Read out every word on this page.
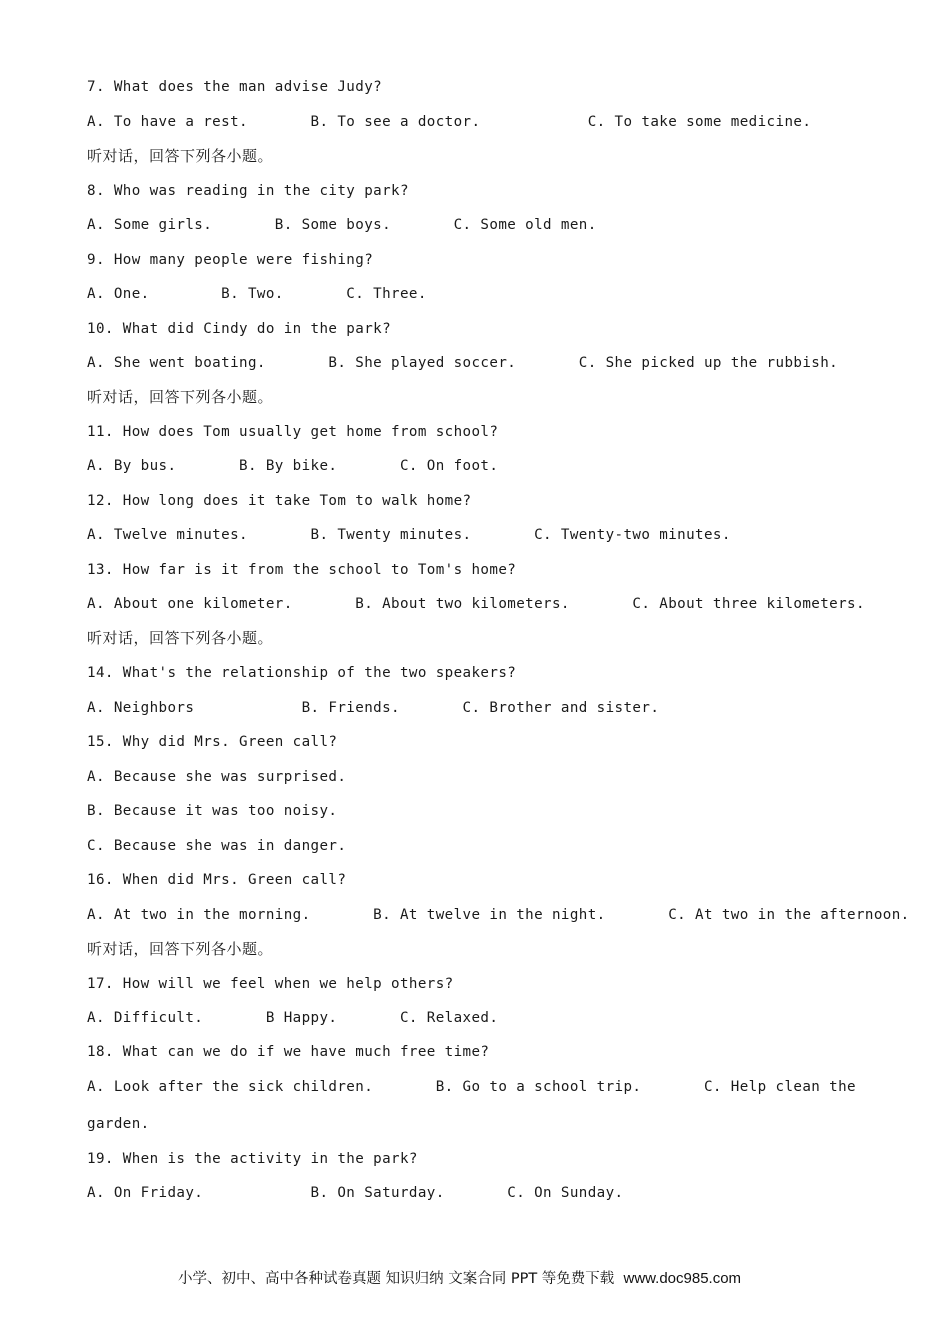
7. What does the man advise Judy?
A. To have a rest.       B. To see a doctor.            C. To take some medicine.
听对话，回答下列各小题。
8. Who was reading in the city park?
A. Some girls.       B. Some boys.       C. Some old men.
9. How many people were fishing?
A. One.        B. Two.       C. Three.
10. What did Cindy do in the park?
A. She went boating.       B. She played soccer.       C. She picked up the rubbish.
听对话，回答下列各小题。
11. How does Tom usually get home from school?
A. By bus.       B. By bike.       C. On foot.
12. How long does it take Tom to walk home?
A. Twelve minutes.       B. Twenty minutes.       C. Twenty-two minutes.
13. How far is it from the school to Tom's home?
A. About one kilometer.       B. About two kilometers.       C. About three kilometers.
听对话，回答下列各小题。
14. What's the relationship of the two speakers?
A. Neighbors            B. Friends.       C. Brother and sister.
15. Why did Mrs. Green call?
A. Because she was surprised.
B. Because it was too noisy.
C. Because she was in danger.
16. When did Mrs. Green call?
A. At two in the morning.       B. At twelve in the night.       C. At two in the afternoon.
听对话，回答下列各小题。
17. How will we feel when we help others?
A. Difficult.       B Happy.       C. Relaxed.
18. What can we do if we have much free time?
A. Look after the sick children.       B. Go to a school trip.       C. Help clean the
garden.
19. When is the activity in the park?
A. On Friday.            B. On Saturday.       C. On Sunday.
小学、初中、高中各种试卷真题 知识归纳 文案合同 PPT 等免费下载  www.doc985.com
